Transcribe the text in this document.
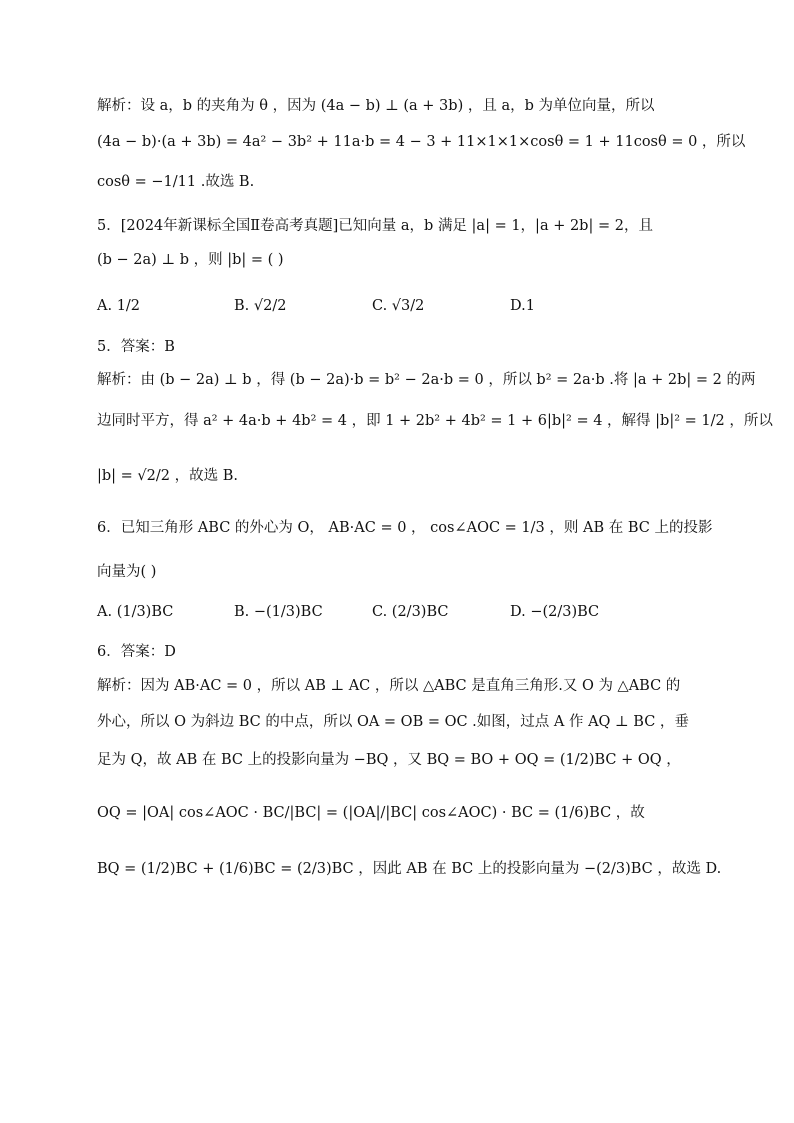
解析：设 a，b 的夹角为 θ ，因为 (4a − b) ⊥ (a + 3b) ，且 a，b 为单位向量，所以
(4a − b)·(a + 3b) = 4a² − 3b² + 11a·b = 4 − 3 + 11×1×1×cosθ = 1 + 11cosθ = 0 ，所以
cosθ = −1/11 .故选 B.
5．[2024年新课标全国Ⅱ卷高考真题]已知向量 a，b 满足 |a| = 1，|a + 2b| = 2，且
(b − 2a) ⊥ b ，则 |b| = ( )
A. 1/2	B. √2/2	C. √3/2	D.1
5．答案：B
解析：由 (b − 2a) ⊥ b ，得 (b − 2a)·b = b² − 2a·b = 0 ，所以 b² = 2a·b .将 |a + 2b| = 2 的两
边同时平方，得 a² + 4a·b + 4b² = 4 ，即 1 + 2b² + 4b² = 1 + 6|b|² = 4 ，解得 |b|² = 1/2 ，所以
|b| = √2/2 ，故选 B.
6．已知三角形 ABC 的外心为 O， AB·AC = 0 ， cos∠AOC = 1/3 ，则 AB 在 BC 上的投影
向量为( )
A. (1/3)BC	B. −(1/3)BC	C. (2/3)BC	D. −(2/3)BC
6．答案：D
解析：因为 AB·AC = 0 ，所以 AB ⊥ AC ，所以 △ABC 是直角三角形.又 O 为 △ABC 的
外心，所以 O 为斜边 BC 的中点，所以 OA = OB = OC .如图，过点 A 作 AQ ⊥ BC ，垂
足为 Q，故 AB 在 BC 上的投影向量为 −BQ ，又 BQ = BO + OQ = (1/2)BC + OQ ，
OQ = |OA| cos∠AOC · BC/|BC| = (|OA|/|BC| cos∠AOC) · BC = (1/6)BC ，故
BQ = (1/2)BC + (1/6)BC = (2/3)BC ，因此 AB 在 BC 上的投影向量为 −(2/3)BC ，故选 D.
